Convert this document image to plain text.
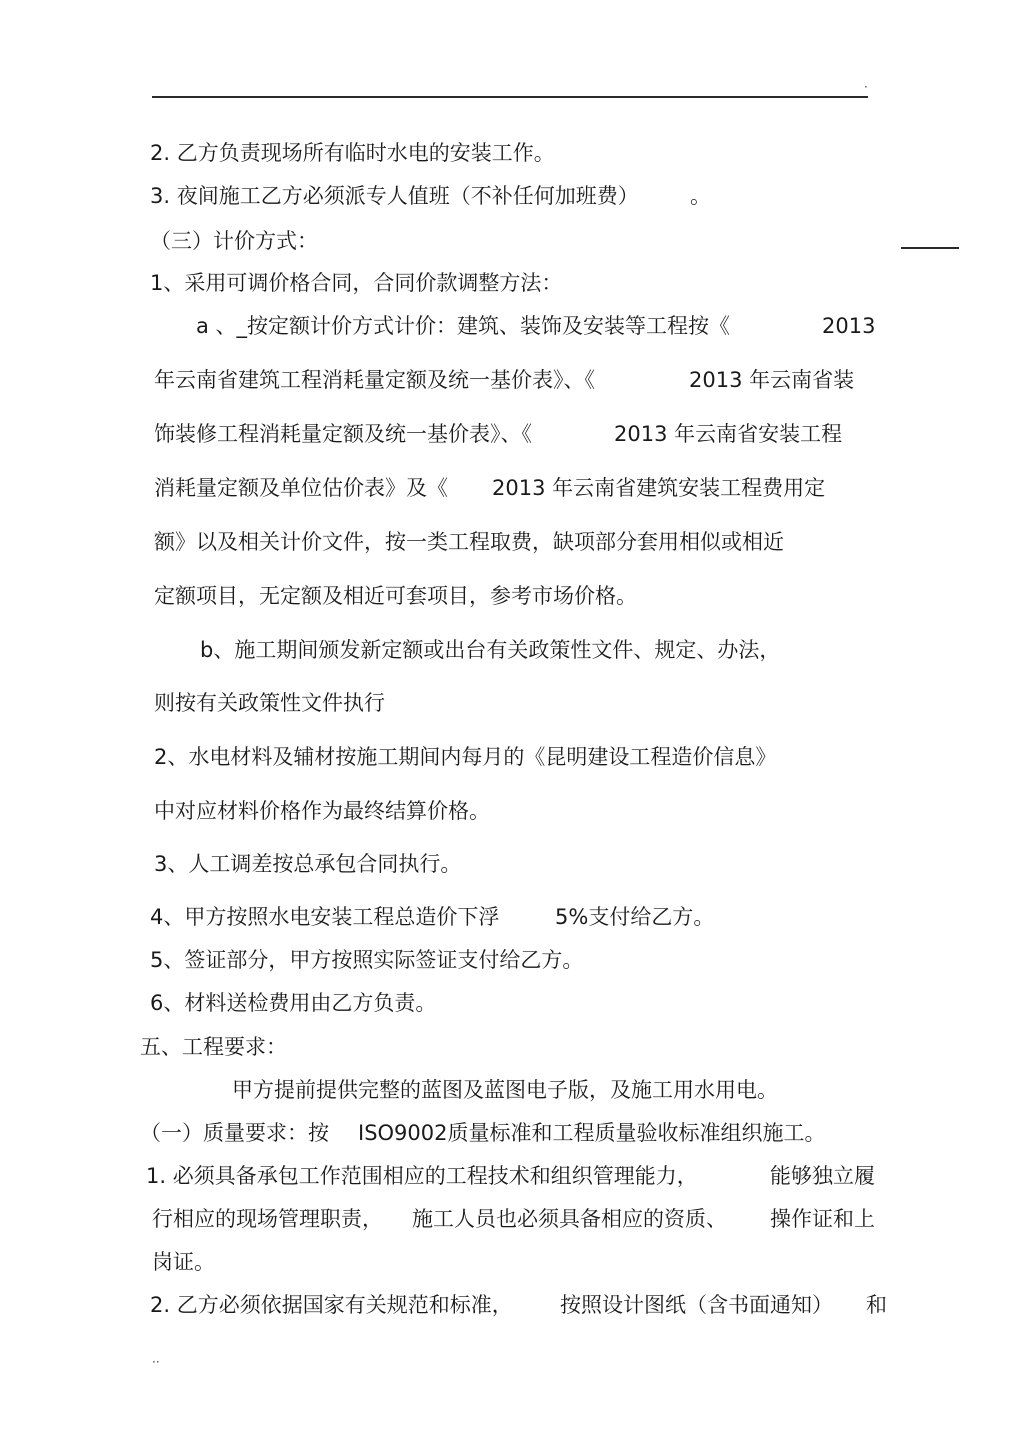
·
2. 乙方负责现场所有临时水电的安装工作。
3. 夜间施工乙方必须派专人值班（不补任何加班费） 。
（三）计价方式：
1、采用可调价格合同，合同价款调整方法：
a 、_按定额计价方式计价：建筑、装饰及安装等工程按《	2013
年云南省建筑工程消耗量定额及统一基价表》、《	2013 年云南省装
饰装修工程消耗量定额及统一基价表》、《	2013 年云南省安装工程
消耗量定额及单位估价表》及《 2013 年云南省建筑安装工程费用定
额》以及相关计价文件，按一类工程取费，缺项部分套用相似或相近
定额项目，无定额及相近可套项目，参考市场价格。
b、施工期间颁发新定额或出台有关政策性文件、规定、办法，
则按有关政策性文件执行
2、水电材料及辅材按施工期间内每月的《昆明建设工程造价信息》
中对应材料价格作为最终结算价格。
3、人工调差按总承包合同执行。
4、甲方按照水电安装工程总造价下浮	5%支付给乙方。
5、签证部分，甲方按照实际签证支付给乙方。
6、材料送检费用由乙方负责。
五、工程要求：
甲方提前提供完整的蓝图及蓝图电子版，及施工用水用电。
（一）质量要求：按 ISO9002质量标准和工程质量验收标准组织施工。
1. 必须具备承包工作范围相应的工程技术和组织管理能力，	能够独立履
行相应的现场管理职责， 施工人员也必须具备相应的资质、 操作证和上
岗证。
2. 乙方必须依据国家有关规范和标准， 按照设计图纸（含书面通知） 和
··
